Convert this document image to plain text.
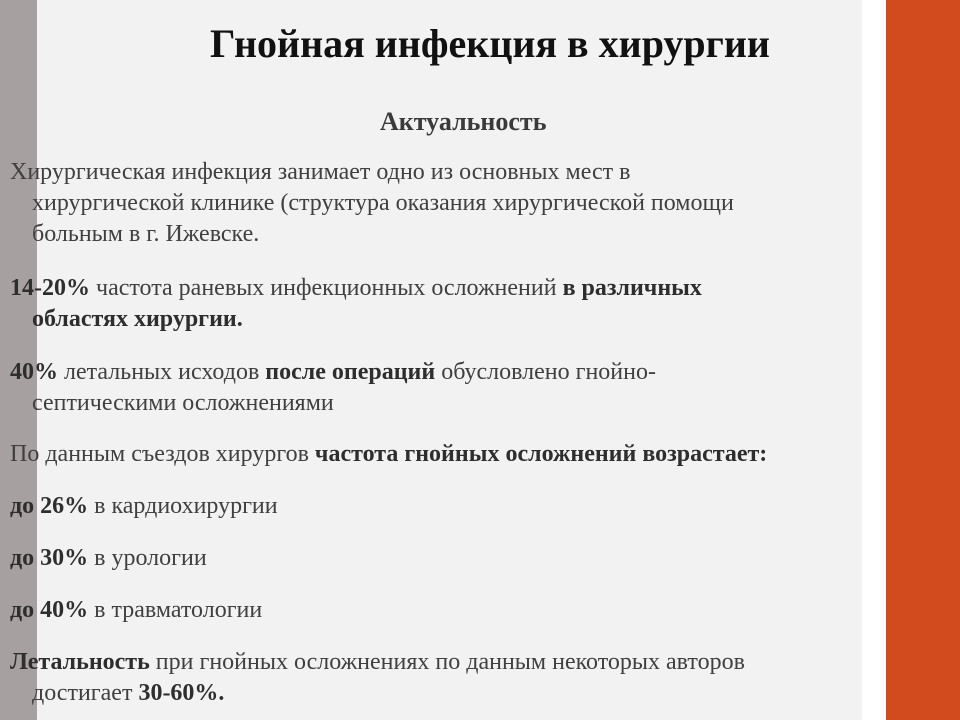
Гнойная инфекция в хирургии
Актуальность
Хирургическая инфекция занимает одно из основных мест в
хирургической клинике (структура оказания хирургической помощи
больным в г. Ижевске.
14-20% частота раневых инфекционных осложнений в различных
областях хирургии.
40% летальных исходов после операций обусловлено гнойно-
септическими осложнениями
По данным съездов хирургов частота гнойных осложнений возрастает:
до 26% в кардиохирургии
до 30% в урологии
до 40% в травматологии
Летальность при гнойных осложнениях по данным некоторых авторов
достигает 30-60%.
